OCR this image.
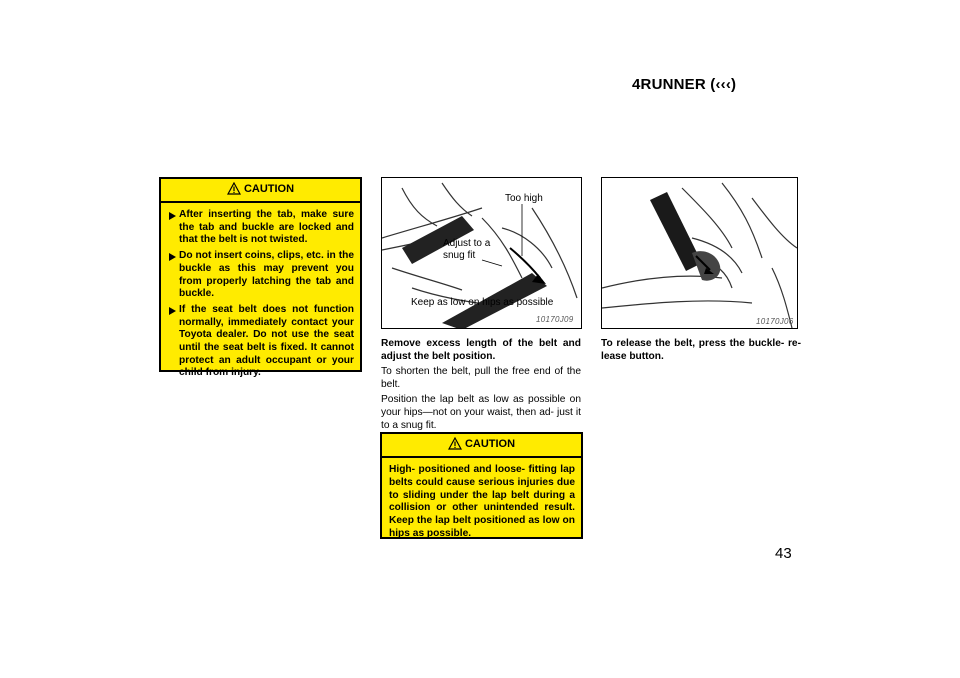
4RUNNER (‹‹‹)
CAUTION
After inserting the tab, make sure the tab and buckle are locked and that the belt is not twisted.
Do not insert coins, clips, etc. in the buckle as this may prevent you from properly latching the tab and buckle.
If the seat belt does not function normally, immediately contact your Toyota dealer. Do not use the seat until the seat belt is fixed. It cannot protect an adult occupant or your child from injury.
Too high
Adjust to a snug fit
Keep as low on hips as possible
10170J09

Remove excess length of the belt and adjust the belt position.

To shorten the belt, pull the free end of the belt.

Position the lap belt as low as possible on your hips—not on your waist, then ad- just it to a snug fit.

CAUTION

High- positioned and loose- fitting lap belts could cause serious injuries due to sliding under the lap belt during a collision or other unintended result. Keep the lap belt positioned as low on hips as possible.

10170J06

To release the belt, press the buckle- re- lease button.

43
